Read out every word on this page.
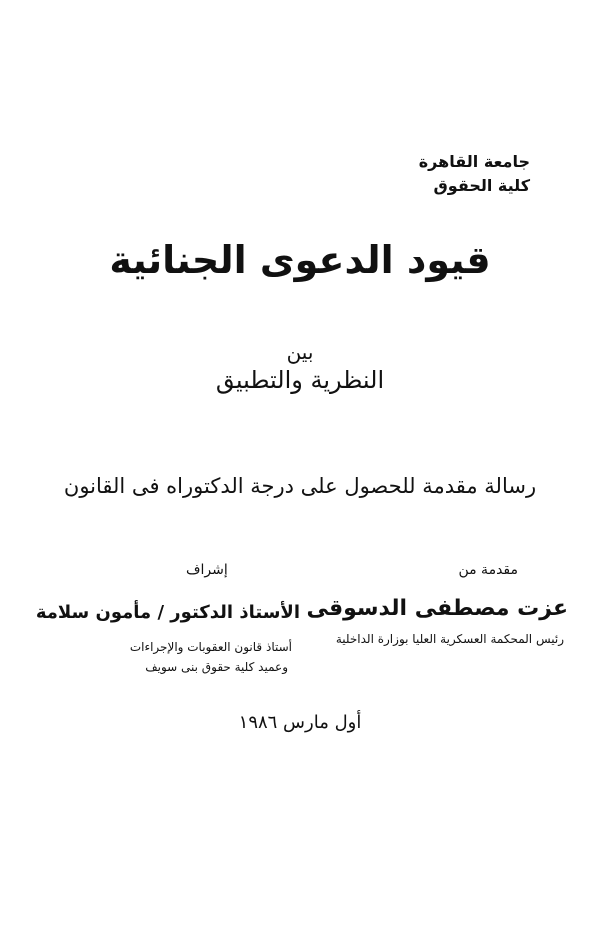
جامعة القاهرة
كلية الحقوق
قيود الدعوى الجنائية
بين
النظرية والتطبيق
رسالة مقدمة للحصول على درجة الدكتوراه فى القانون
مقدمة من
عزت مصطفى الدسوقى
رئيس المحكمة العسكرية العليا بوزارة الداخلية
إشراف
الأستاذ الدكتور / مأمون سلامة
أستاذ قانون العقوبات والإجراءات
وعميد كلية حقوق بنى سويف
أول مارس ١٩٨٦
